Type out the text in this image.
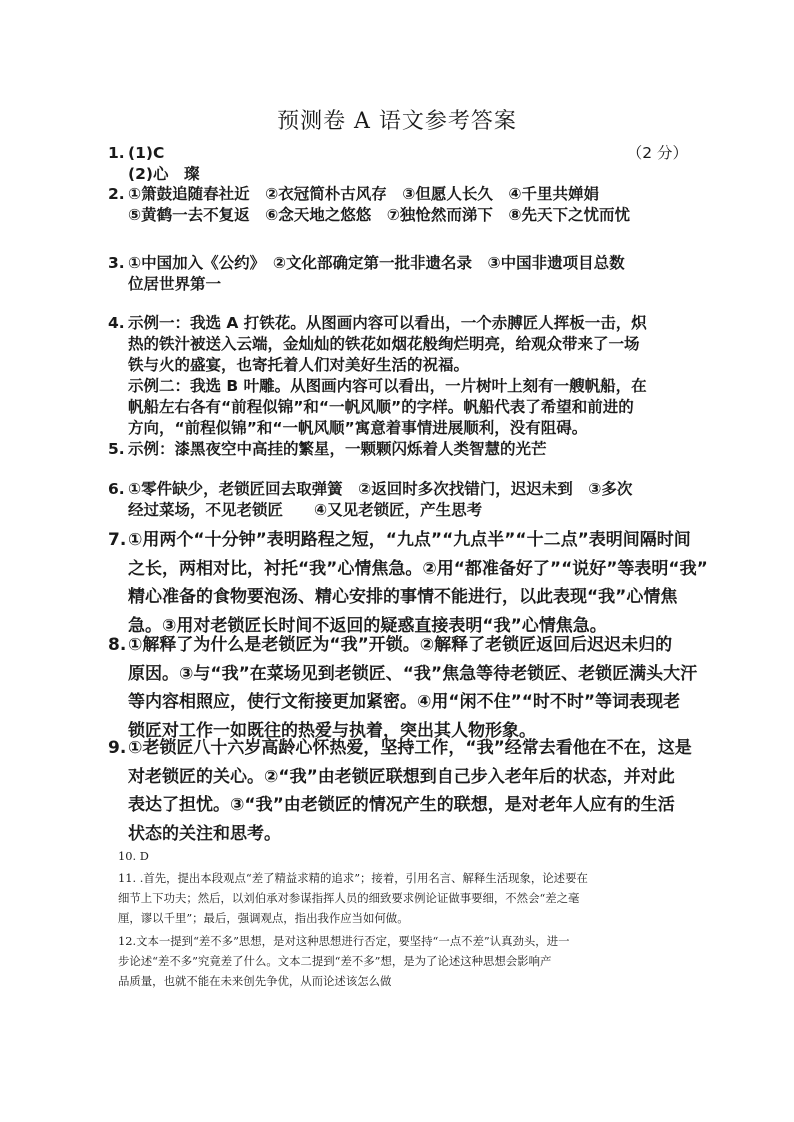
预测卷 A 语文参考答案
1. (1)C	（2 分）
(2)心　璨
2. ①箫鼓追随春社近　②衣冠简朴古风存　③但愿人长久　④千里共婵娟
⑤黄鹤一去不复返　⑥念天地之悠悠　⑦独怆然而涕下　⑧先天下之忧而忧
3. ①中国加入《公约》　②文化部确定第一批非遗名录　③中国非遗项目总数
位居世界第一
4. 示例一：我选 A 打铁花。从图画内容可以看出，一个赤膊匠人挥板一击，炽
热的铁汁被送入云端，金灿灿的铁花如烟花般绚烂明亮，给观众带来了一场
铁与火的盛宴，也寄托着人们对美好生活的祝福。
示例二：我选 B 叶雕。从图画内容可以看出，一片树叶上刻有一艘帆船，在
帆船左右各有“前程似锦”和“一帆风顺”的字样。帆船代表了希望和前进的
方向，“前程似锦”和“一帆风顺”寓意着事情进展顺利，没有阻碍。
5. 示例：漆黑夜空中高挂的繁星，一颗颗闪烁着人类智慧的光芒
6. ①零件缺少，老锁匠回去取弹簧　②返回时多次找错门，迟迟未到　③多次
经过菜场，不见老锁匠　　④又见老锁匠，产生思考
7. ①用两个“十分钟”表明路程之短，“九点”“九点半”“十二点”表明间隔时间
之长，两相对比，衬托“我”心情焦急。②用“都准备好了”“说好”等表明“我”
精心准备的食物要泡汤、精心安排的事情不能进行，以此表现“我”心情焦
急。③用对老锁匠长时间不返回的疑惑直接表明“我”心情焦急。
8. ①解释了为什么是老锁匠为“我”开锁。②解释了老锁匠返回后迟迟未归的
原因。③与“我”在菜场见到老锁匠、“我”焦急等待老锁匠、老锁匠满头大汗
等内容相照应，使行文衔接更加紧密。④用“闲不住”“时不时”等词表现老
锁匠对工作一如既往的热爱与执着，突出其人物形象。
9. ①老锁匠八十六岁高龄心怀热爱，坚持工作，“我”经常去看他在不在，这是
对老锁匠的关心。②“我”由老锁匠联想到自己步入老年后的状态，并对此
表达了担忧。③“我”由老锁匠的情况产生的联想，是对老年人应有的生活
状态的关注和思考。
10. D
11. .首先，提出本段观点“差了精益求精的追求”；接着，引用名言、解释生活现象，论述要在
细节上下功夫；然后，以刘伯承对参谋指挥人员的细致要求例论证做事要细，不然会“差之毫
厘，谬以千里”；最后，强调观点，指出我作应当如何做。
12.文本一提到“差不多”思想，是对这种思想进行否定，要坚持“一点不差”认真劲头，进一
步论述“差不多”究竟差了什么。文本二提到“差不多”想，是为了论述这种思想会影响产
品质量，也就不能在未来创先争优，从而论述该怎么做
